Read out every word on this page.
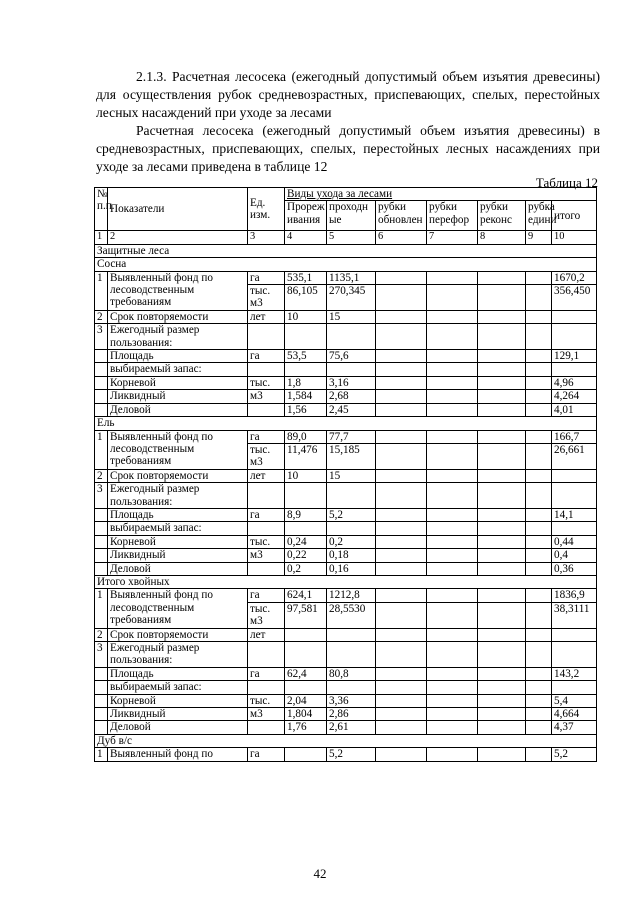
2.1.3. Расчетная лесосека (ежегодный допустимый объем изъятия древесины) для осуществления рубок средневозрастных, приспевающих, спелых, перестойных лесных насаждений при уходе за лесами
Расчетная лесосека (ежегодный допустимый объем изъятия древесины) в средневозрастных, приспевающих, спелых, перестойных лесных насаждениях при уходе за лесами приведена в таблице 12
Таблица 12
№ п.п.	Показатели	Ед. изм.	Виды ухода за лесами						
			Прореж ивания	проходн ые	рубки обновлен	рубки перефор	рубки реконс	рубка едини	итого
1	2	3	4	5	6	7	8	9	10
Защитные леса									
Сосна									
1	Выявленный фонд по лесоводственным требованиям	га	535,1	1135,1					1670,2
		тыс. м3	86,105	270,345					356,450
2	Срок повторяемости	лет	10	15					
3	Ежегодный размер пользования:								
	Площадь	га	53,5	75,6					129,1
	выбираемый запас:								
	Корневой	тыс.	1,8	3,16					4,96
	Ликвидный	м3	1,584	2,68					4,264
	Деловой		1,56	2,45					4,01
Ель									
1	Выявленный фонд по лесоводственным требованиям	га	89,0	77,7					166,7
		тыс. м3	11,476	15,185					26,661
2	Срок повторяемости	лет	10	15					
3	Ежегодный размер пользования:								
	Площадь	га	8,9	5,2					14,1
	выбираемый запас:								
	Корневой	тыс.	0,24	0,2					0,44
	Ликвидный	м3	0,22	0,18					0,4
	Деловой		0,2	0,16					0,36
Итого хвойных									
1	Выявленный фонд по лесоводственным требованиям	га	624,1	1212,8					1836,9
		тыс. м3	97,581	28,5530					38,3111
2	Срок повторяемости	лет							
3	Ежегодный размер пользования:								
	Площадь	га	62,4	80,8					143,2
	выбираемый запас:								
	Корневой	тыс.	2,04	3,36					5,4
	Ликвидный	м3	1,804	2,86					4,664
	Деловой		1,76	2,61					4,37
Дуб в/с									
1	Выявленный фонд по	га		5,2					5,2
42
